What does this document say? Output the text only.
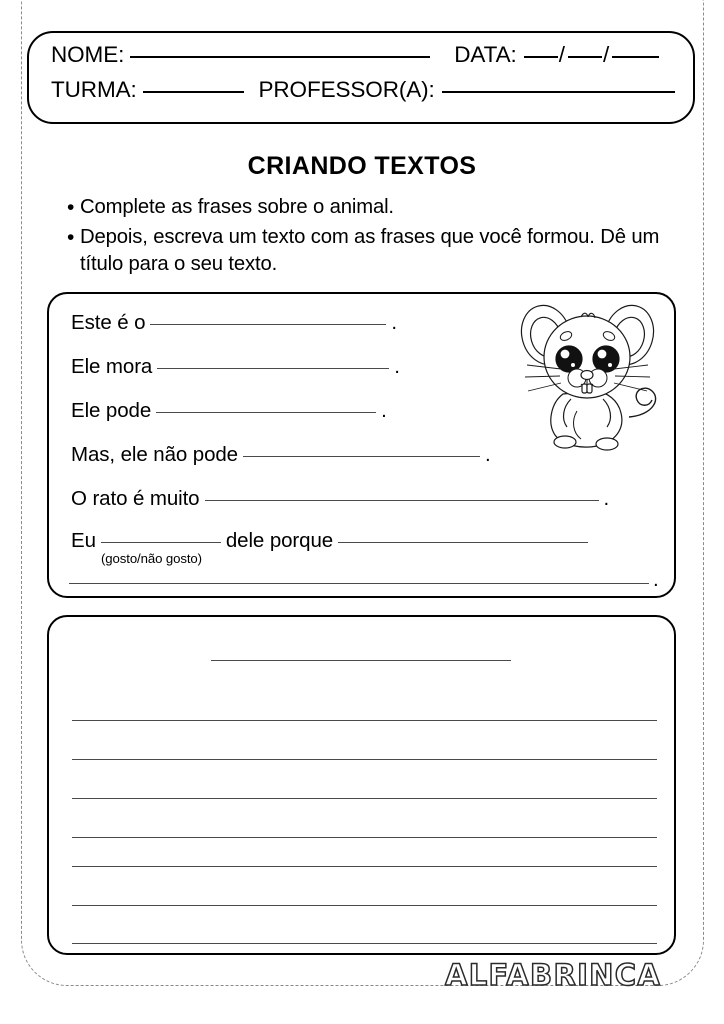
NOME:	DATA: / /
TURMA:	PROFESSOR(A):
CRIANDO TEXTOS
• Complete as frases sobre o animal.
• Depois, escreva um texto com as frases que você formou. Dê um título para o seu texto.
Este é o	.
Ele mora	.
Ele pode	.
Mas, ele não pode	.
O rato é muito	.
Eu	dele porque
(gosto/não gosto)
.
ALFABRINCA
